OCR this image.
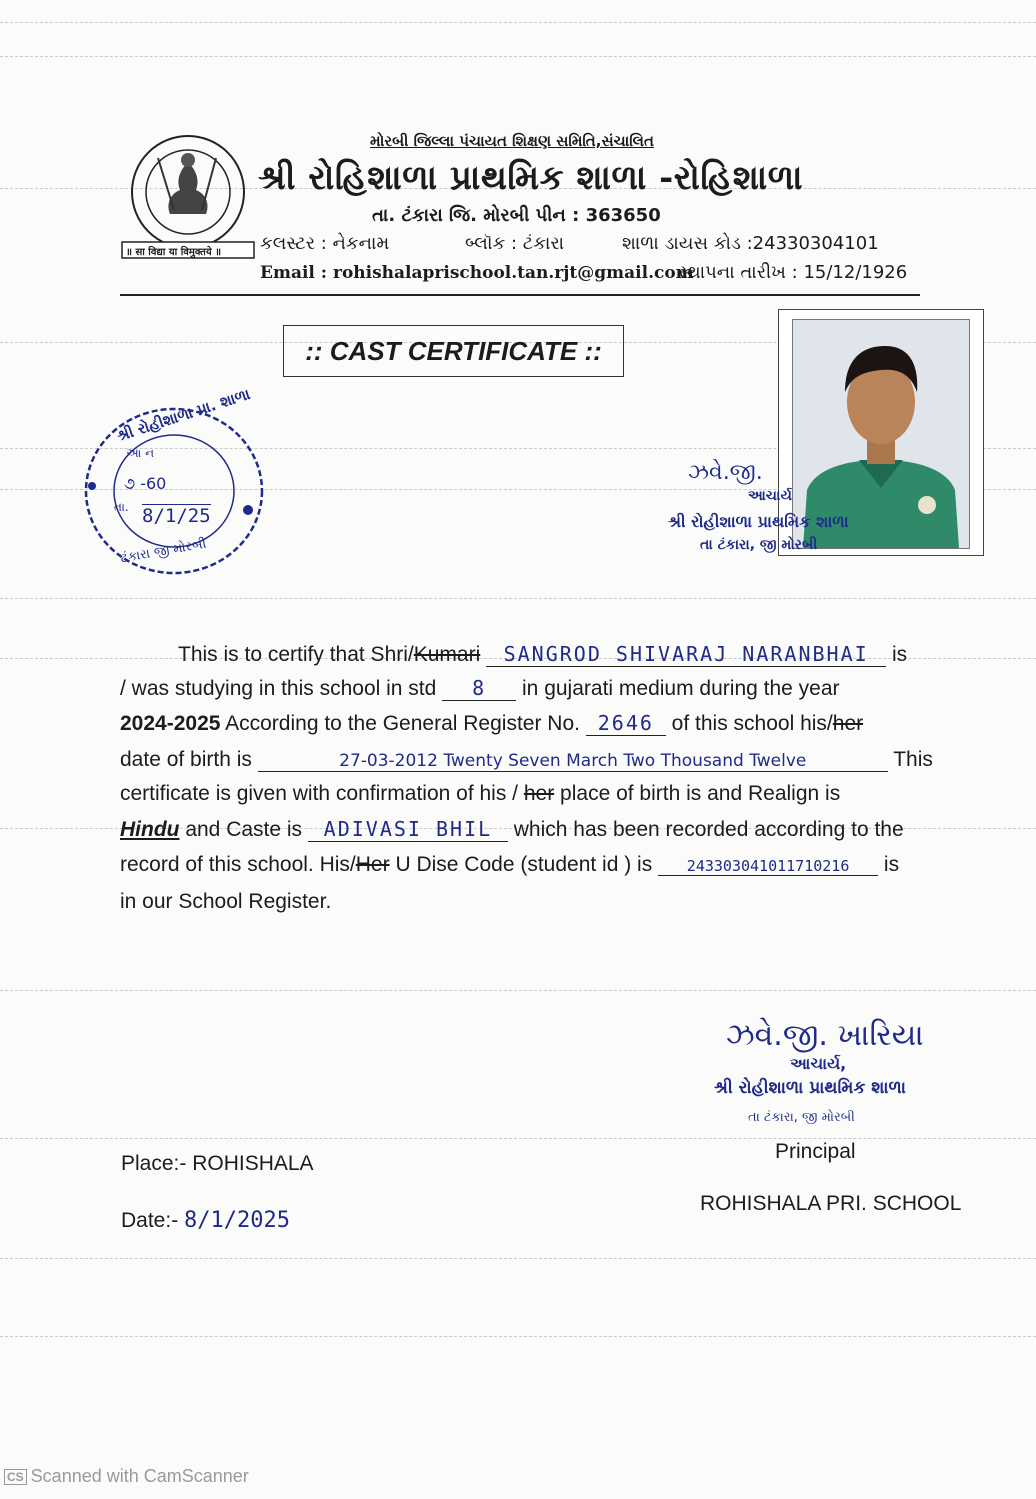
॥ सा विद्या या विमुक्तये ॥
મોરબી જિલ્લા પંચાયત શિક્ષણ સમિતિ,સંચાલિત
શ્રી રોહિશાળા પ્રાથમિક શાળા -રોહિશાળા
તા. ટંકારા જિ. મોરબી પીન : 363650
કલસ્ટર : નેકનામ	બ્લૉક : ટંકારા	શાળા ડાયસ કોડ :24330304101
Email : rohishalaprischool.tan.rjt@gmail.com
સ્થાપના તારીખ : 15/12/1926
:: CAST CERTIFICATE ::
ઝવે.જી.
આચાર્ય
શ્રી રોહીશાળા પ્રાથમિક શાળા
તા ટંકારા, જી મોરબી
શ્રી રોહીશાળા પ્રા. શાળા
ટંકારા જી મોરબી
આ ન
૭ -60
તા. 8/1/25
This is to certify that Shri/Kumari SANGROD SHIVARAJ NARANBHAI is
/ was studying in this school in std 8 in gujarati medium during the year
2024-2025 According to the General Register No. 2646 of this school his/her
date of birth is	27-03-2012 Twenty Seven March Two Thousand Twelve	This
certificate is given with confirmation of his / her place of birth is and Realign is
Hindu and Caste is ADIVASI BHIL which has been recorded according to the
record of this school. His/Her U Dise Code (student id ) is 243303041011710216 is
in our School Register.
ઝવે.જી. ખારિયા
આચાર્ય,
શ્રી રોહીશાળા પ્રાથમિક શાળા
તા ટંકારા, જી મોરબી
Principal
Place:- ROHISHALA
ROHISHALA PRI. SCHOOL
Date:- 8/1/2025
CS Scanned with CamScanner
